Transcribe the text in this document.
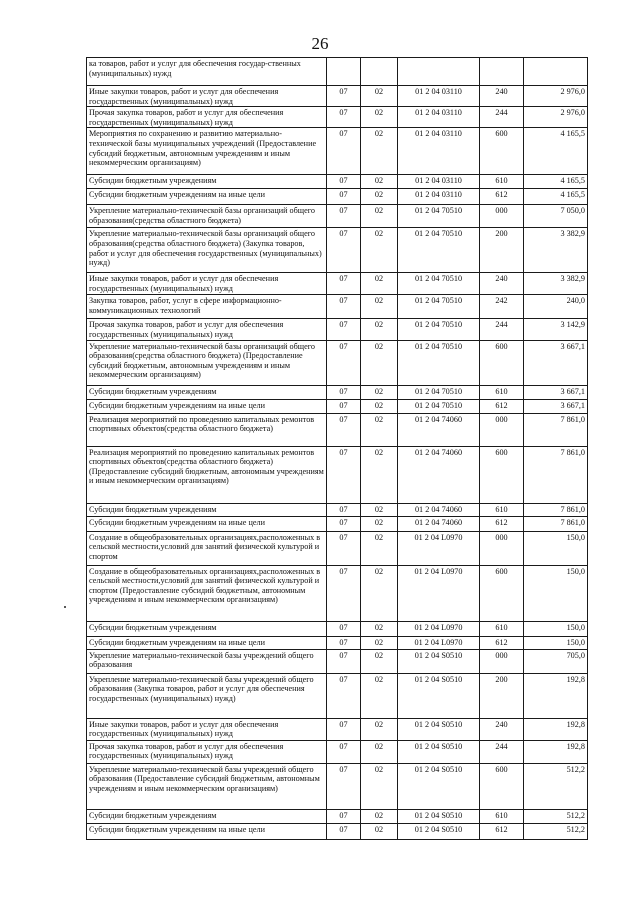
26
ка товаров, работ и услуг для обеспечения государ-ственных (муниципальных) нужд					
Иные закупки товаров, работ и услуг для обеспечения государственных (муниципальных) нужд	07	02	01 2 04 03110	240	2 976,0
Прочая закупка товаров, работ и услуг для обеспечения государственных (муниципальных) нужд	07	02	01 2 04 03110	244	2 976,0
Мероприятия по сохранению и развитию материально-технической базы муниципальных учреждений (Предоставление субсидий бюджетным, автономным учреждениям и иным некоммерческим организациям)	07	02	01 2 04 03110	600	4 165,5
Субсидии бюджетным учреждениям	07	02	01 2 04 03110	610	4 165,5
Субсидии бюджетным учреждениям на иные цели	07	02	01 2 04 03110	612	4 165,5
Укрепление материально-технической базы организаций общего образования(средства областного бюджета)	07	02	01 2 04 70510	000	7 050,0
Укрепление материально-технической базы организаций общего образования(средства областного бюджета) (Закупка товаров, работ и услуг для обеспечения государственных (муниципальных) нужд)	07	02	01 2 04 70510	200	3 382,9
Иные закупки товаров, работ и услуг для обеспечения государственных (муниципальных) нужд	07	02	01 2 04 70510	240	3 382,9
Закупка товаров, работ, услуг в сфере информационно-коммуникационных технологий	07	02	01 2 04 70510	242	240,0
Прочая закупка товаров, работ и услуг для обеспечения государственных (муниципальных) нужд	07	02	01 2 04 70510	244	3 142,9
Укрепление материально-технической базы организаций общего образования(средства областного бюджета) (Предоставление субсидий бюджетным, автономным учреждениям и иным некоммерческим организациям)	07	02	01 2 04 70510	600	3 667,1
Субсидии бюджетным учреждениям	07	02	01 2 04 70510	610	3 667,1
Субсидии бюджетным учреждениям на иные цели	07	02	01 2 04 70510	612	3 667,1
Реализация мероприятий по проведению капитальных ремонтов спортивных объектов(средства областного бюджета)	07	02	01 2 04 74060	000	7 861,0
Реализация мероприятий по проведению капитальных ремонтов спортивных объектов(средства областного бюджета) (Предоставление субсидий бюджетным, автономным учреждениям и иным некоммерческим организациям)	07	02	01 2 04 74060	600	7 861,0
Субсидии бюджетным учреждениям	07	02	01 2 04 74060	610	7 861,0
Субсидии бюджетным учреждениям на иные цели	07	02	01 2 04 74060	612	7 861,0
Создание в общеобразовательных организациях,расположенных в сельской местности,условий для занятий физической культурой и спортом	07	02	01 2 04 L0970	000	150,0
Создание в общеобразовательных организациях,расположенных в сельской местности,условий для занятий физической культурой и спортом (Предоставление субсидий бюджетным, автономным учреждениям и иным некоммерческим организациям)	07	02	01 2 04 L0970	600	150,0
Субсидии бюджетным учреждениям	07	02	01 2 04 L0970	610	150,0
Субсидии бюджетным учреждениям на иные цели	07	02	01 2 04 L0970	612	150,0
Укрепление материально-технической базы учреждений общего образования	07	02	01 2 04 S0510	000	705,0
Укрепление материально-технической базы учреждений общего образования (Закупка товаров, работ и услуг для обеспечения государственных (муниципальных) нужд)	07	02	01 2 04 S0510	200	192,8
Иные закупки товаров, работ и услуг для обеспечения государственных (муниципальных) нужд	07	02	01 2 04 S0510	240	192,8
Прочая закупка товаров, работ и услуг для обеспечения государственных (муниципальных) нужд	07	02	01 2 04 S0510	244	192,8
Укрепление материально-технической базы учреждений общего образования (Предоставление субсидий бюджетным, автономным учреждениям и иным некоммерческим организациям)	07	02	01 2 04 S0510	600	512,2
Субсидии бюджетным учреждениям	07	02	01 2 04 S0510	610	512,2
Субсидии бюджетным учреждениям на иные цели	07	02	01 2 04 S0510	612	512,2
